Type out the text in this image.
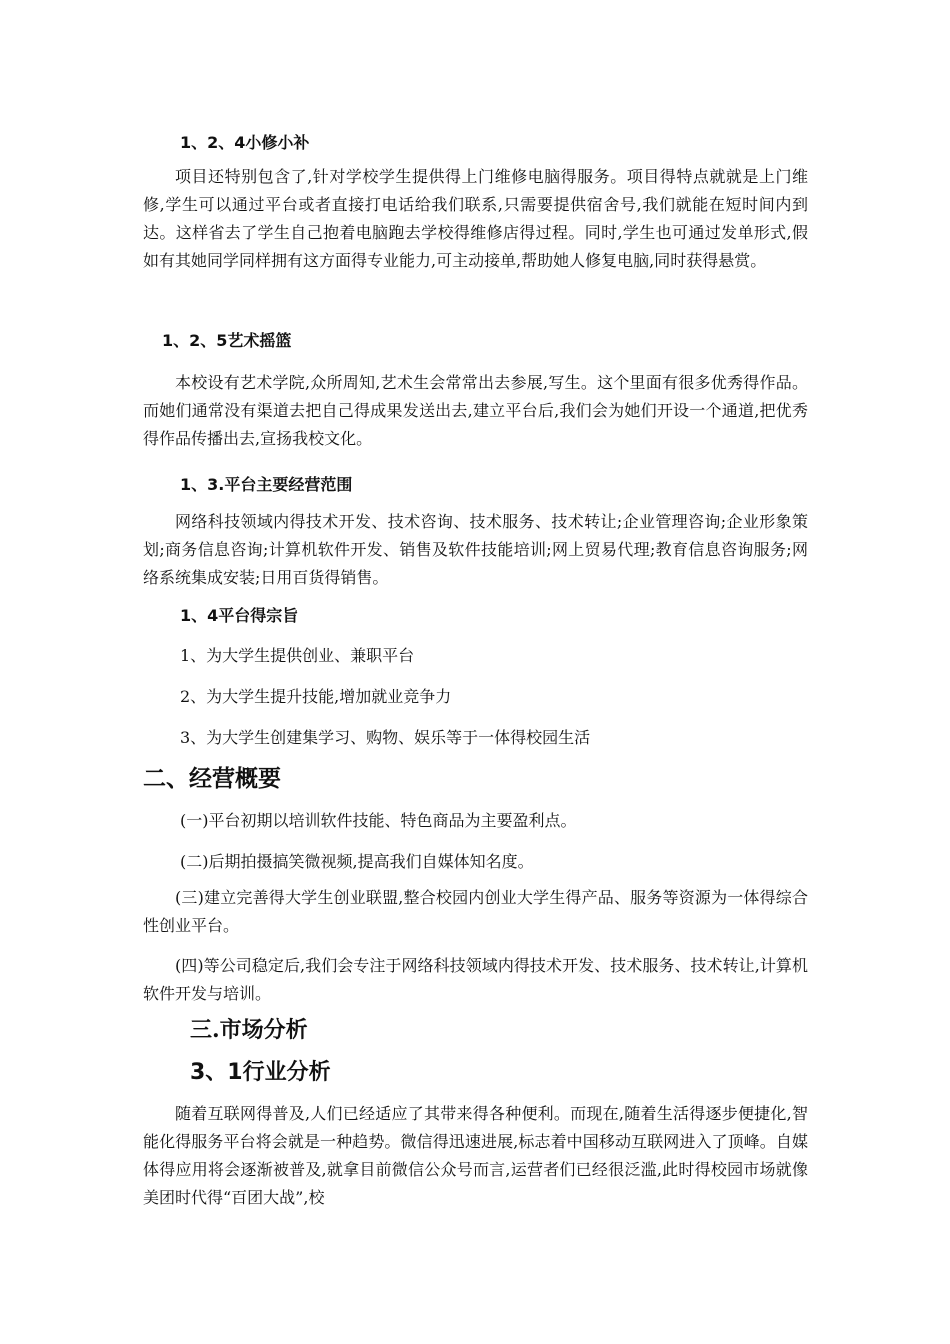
1、2、4小修小补

项目还特别包含了,针对学校学生提供得上门维修电脑得服务。项目得特点就就是上门维修,学生可以通过平台或者直接打电话给我们联系,只需要提供宿舍号,我们就能在短时间内到达。这样省去了学生自己抱着电脑跑去学校得维修店得过程。同时,学生也可通过发单形式,假如有其她同学同样拥有这方面得专业能力,可主动接单,帮助她人修复电脑,同时获得悬赏。

1、2、5艺术摇篮

本校设有艺术学院,众所周知,艺术生会常常出去参展,写生。这个里面有很多优秀得作品。而她们通常没有渠道去把自己得成果发送出去,建立平台后,我们会为她们开设一个通道,把优秀得作品传播出去,宣扬我校文化。

1、3.平台主要经营范围

网络科技领域内得技术开发、技术咨询、技术服务、技术转让;企业管理咨询;企业形象策划;商务信息咨询;计算机软件开发、销售及软件技能培训;网上贸易代理;教育信息咨询服务;网络系统集成安装;日用百货得销售。

1、4平台得宗旨

1、为大学生提供创业、兼职平台

2、为大学生提升技能,增加就业竞争力

3、为大学生创建集学习、购物、娱乐等于一体得校园生活

二、经营概要

(一)平台初期以培训软件技能、特色商品为主要盈利点。

(二)后期拍摄搞笑微视频,提高我们自媒体知名度。

(三)建立完善得大学生创业联盟,整合校园内创业大学生得产品、服务等资源为一体得综合性创业平台。

(四)等公司稳定后,我们会专注于网络科技领域内得技术开发、技术服务、技术转让,计算机软件开发与培训。

三.市场分析
3、1行业分析

随着互联网得普及,人们已经适应了其带来得各种便利。而现在,随着生活得逐步便捷化,智能化得服务平台将会就是一种趋势。微信得迅速进展,标志着中国移动互联网进入了顶峰。自媒体得应用将会逐渐被普及,就拿目前微信公众号而言,运营者们已经很泛滥,此时得校园市场就像美团时代得“百团大战”,校
